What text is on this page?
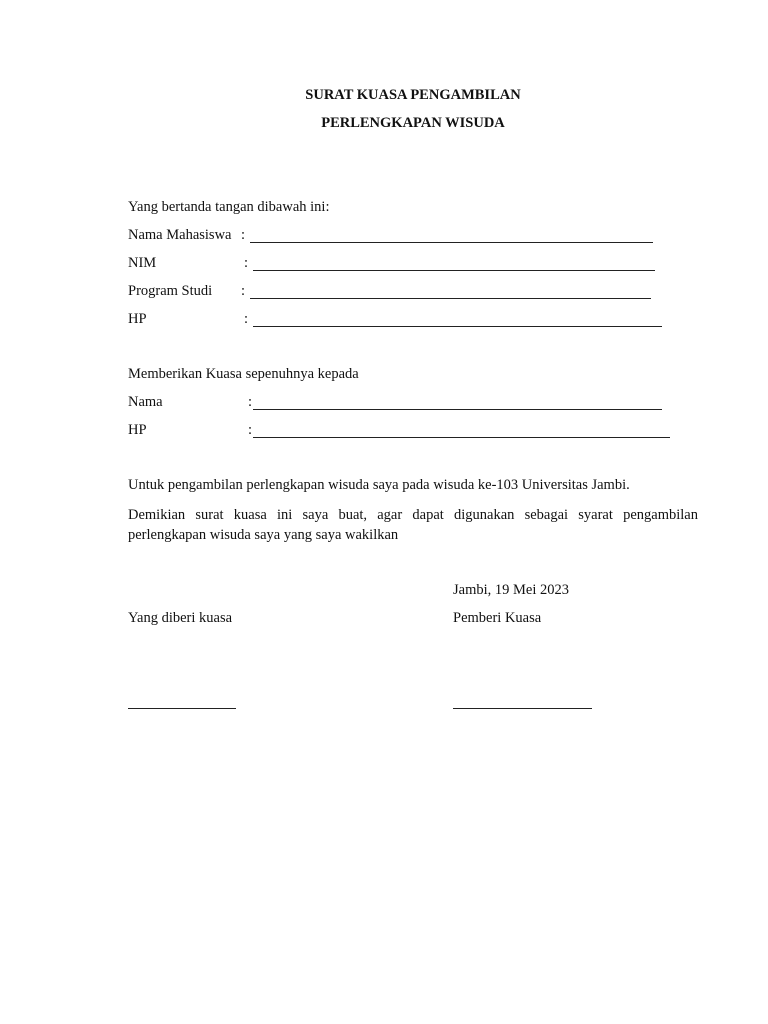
SURAT KUASA PENGAMBILAN
PERLENGKAPAN WISUDA
Yang bertanda tangan dibawah ini:
Nama Mahasiswa :
NIM	:
Program Studi :
HP	:
Memberikan Kuasa sepenuhnya kepada
Nama	:
HP	:
Untuk pengambilan perlengkapan wisuda saya pada wisuda ke-103 Universitas Jambi.
Demikian surat kuasa ini saya buat, agar dapat digunakan sebagai syarat pengambilan perlengkapan wisuda saya yang saya wakilkan
Jambi, 19 Mei 2023
Yang diberi kuasa	Pemberi Kuasa
